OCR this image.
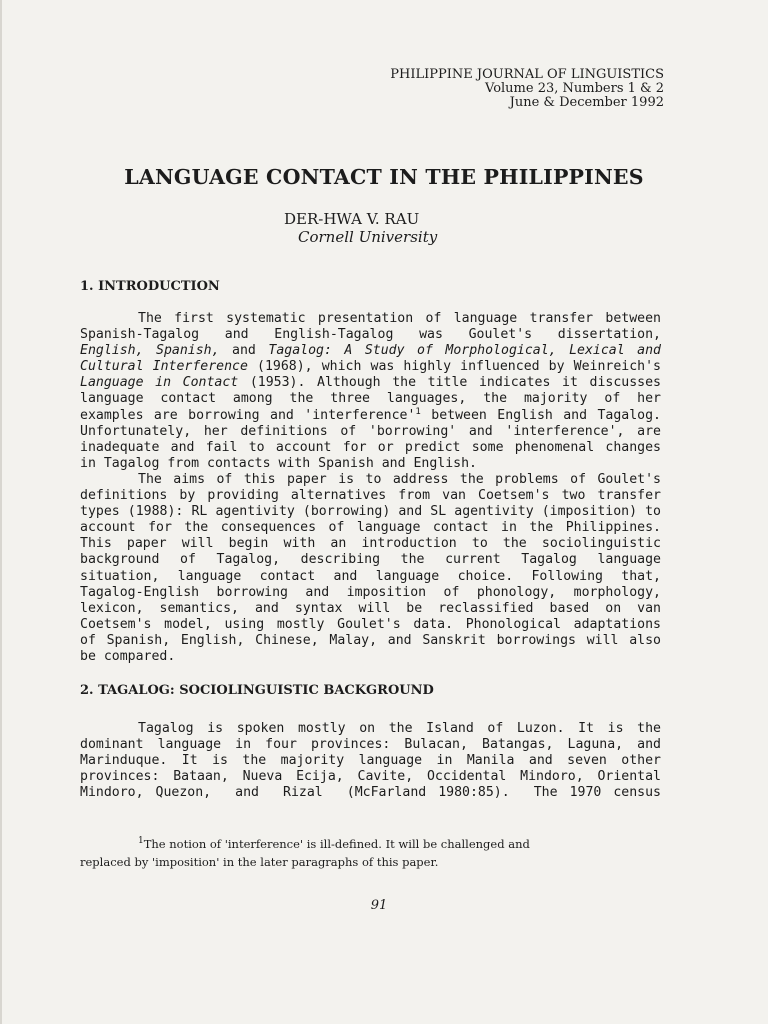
PHILIPPINE JOURNAL OF LINGUISTICS
Volume 23, Numbers 1 & 2
June & December 1992
LANGUAGE CONTACT IN THE PHILIPPINES
DER-HWA V. RAU
Cornell University
1. INTRODUCTION
The first systematic presentation of language transfer between
Spanish-Tagalog and English-Tagalog was Goulet's dissertation,
English, Spanish, and Tagalog: A Study of Morphological, Lexical and
Cultural Interference (1968), which was highly influenced by Weinreich's
Language in Contact (1953). Although the title indicates it discusses
language contact among the three languages, the majority of her
examples are borrowing and '$interference'^1$ between English and Tagalog.
Unfortunately, her definitions of 'borrowing' and 'interference', are
inadequate and fail to account for or predict some phenomenal changes
in Tagalog from contacts with Spanish and English.
The aims of this paper is to address the problems of Goulet's
definitions by providing alternatives from van Coetsem's two transfer
types (1988): RL agentivity (borrowing) and SL agentivity (imposition) to
account for the consequences of language contact in the Philippines.
This paper will begin with an introduction to the sociolinguistic
background of Tagalog, describing the current Tagalog language
situation, language contact and language choice. Following that,
Tagalog-English borrowing and imposition of phonology, morphology,
lexicon, semantics, and syntax will be reclassified based on van
Coetsem's model, using mostly Goulet's data. Phonological adaptations
of Spanish, English, Chinese, Malay, and Sanskrit borrowings will also
be compared.
2. TAGALOG: SOCIOLINGUISTIC BACKGROUND
Tagalog is spoken mostly on the Island of Luzon. It is the
dominant language in four provinces: Bulacan, Batangas, Laguna, and
Marinduque. It is the majority language in Manila and seven other
provinces: Bataan, Nueva Ecija, Cavite, Occidental Mindoro, Oriental
Mindoro, Quezon,  and  Rizal  (McFarland 1980:85).  The 1970 census
$^1$The notion of 'interference' is ill-defined. It will be challenged and
replaced by 'imposition' in the later paragraphs of this paper.
91
